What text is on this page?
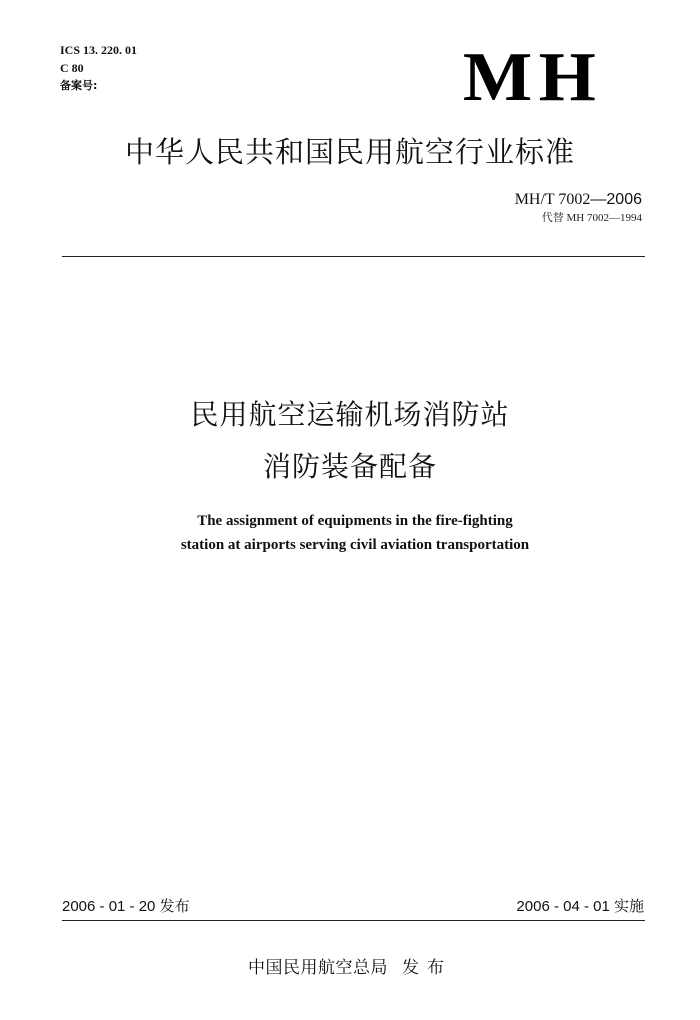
ICS 13. 220. 01
C 80
备案号:	MH
中华人民共和国民用航空行业标准
MH/T 7002—2006
代替 MH 7002—1994
民用航空运输机场消防站
消防装备配备
The assignment of equipments in the fire-fighting
station at airports serving civil aviation transportation
2006 - 01 - 20 发布	2006 - 04 - 01 实施
中国民用航空总局 发布
